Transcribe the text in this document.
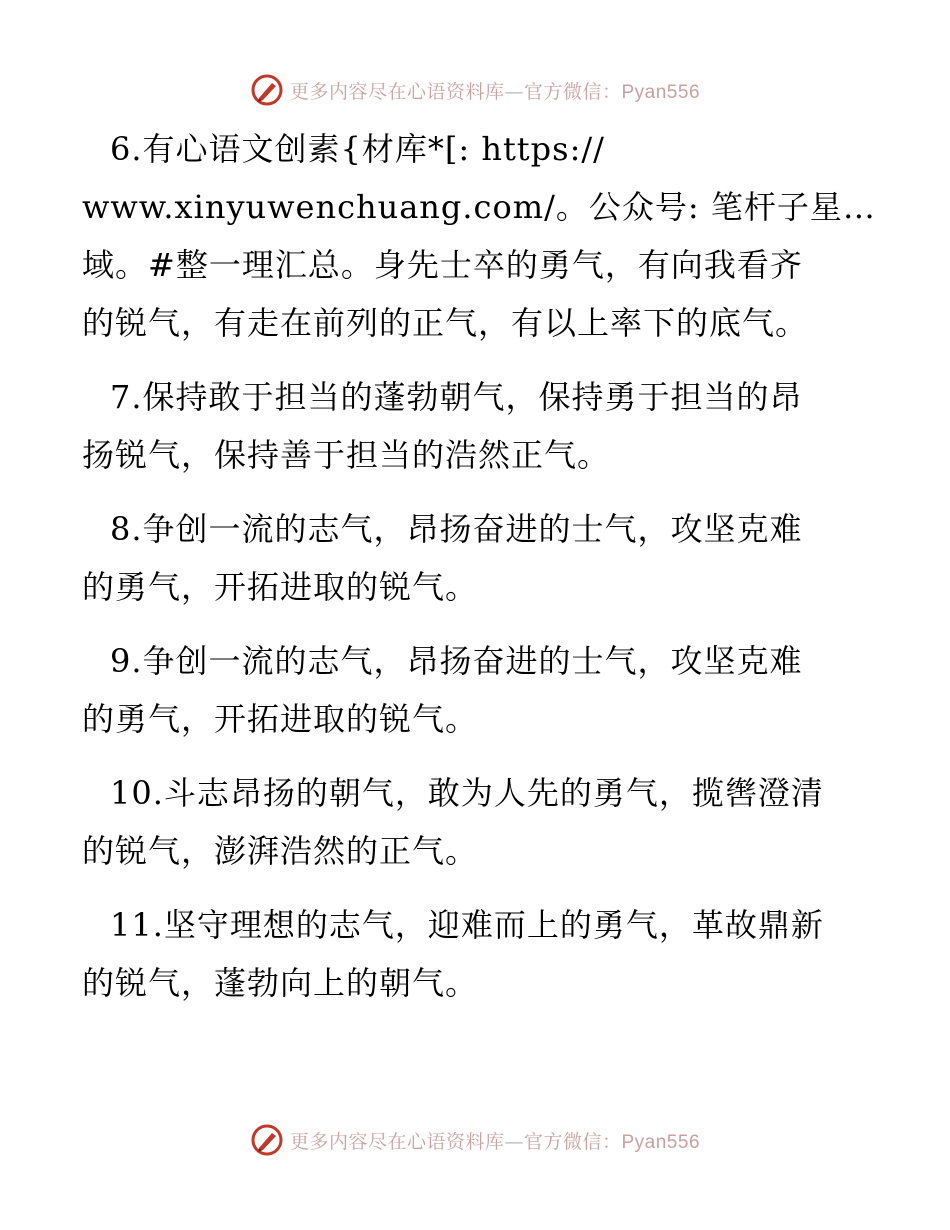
更多内容尽在心语资料库—官方微信：Pyan556

6.有心语文创素{材库*[: https://
www.xinyuwenchuang.com/。公众号: 笔杆子星…
域。#整一理汇总。身先士卒的勇气，有向我看齐
的锐气，有走在前列的正气，有以上率下的底气。

7.保持敢于担当的蓬勃朝气，保持勇于担当的昂
扬锐气，保持善于担当的浩然正气。

8.争创一流的志气，昂扬奋进的士气，攻坚克难
的勇气，开拓进取的锐气。

9.争创一流的志气，昂扬奋进的士气，攻坚克难
的勇气，开拓进取的锐气。

10.斗志昂扬的朝气，敢为人先的勇气，揽辔澄清
的锐气，澎湃浩然的正气。

11.坚守理想的志气，迎难而上的勇气，革故鼎新
的锐气，蓬勃向上的朝气。

更多内容尽在心语资料库—官方微信：Pyan556
